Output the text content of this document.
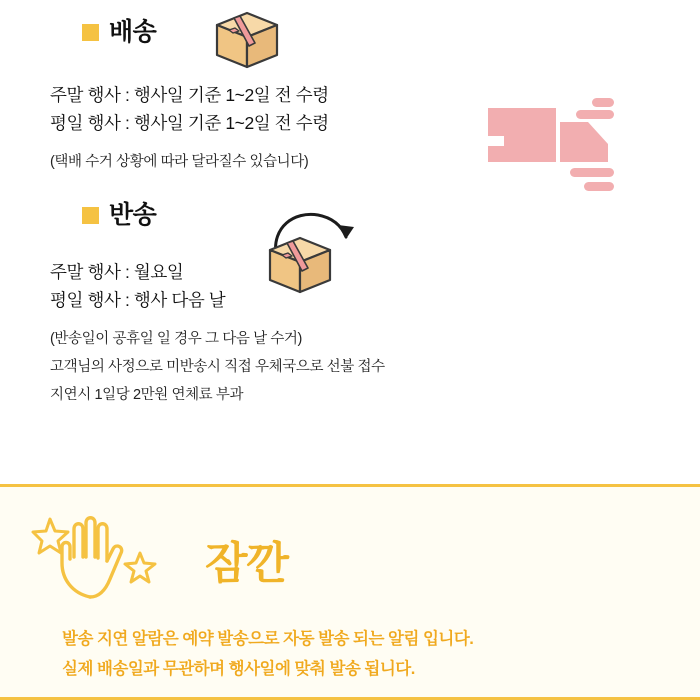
배송
주말 행사 : 행사일 기준 1~2일 전 수령
평일 행사 : 행사일 기준 1~2일 전 수령
(택배 수거 상황에 따라 달라질수 있습니다)
반송
주말 행사 : 월요일
평일 행사 : 행사 다음 날
(반송일이 공휴일 일 경우 그 다음 날 수거)
고객님의 사정으로 미반송시 직접 우체국으로 선불 접수
지연시 1일당 2만원 연체료 부과
잠깐
발송 지연 알람은 예약 발송으로 자동 발송 되는 알림 입니다.
실제 배송일과 무관하며 행사일에 맞춰 발송 됩니다.
